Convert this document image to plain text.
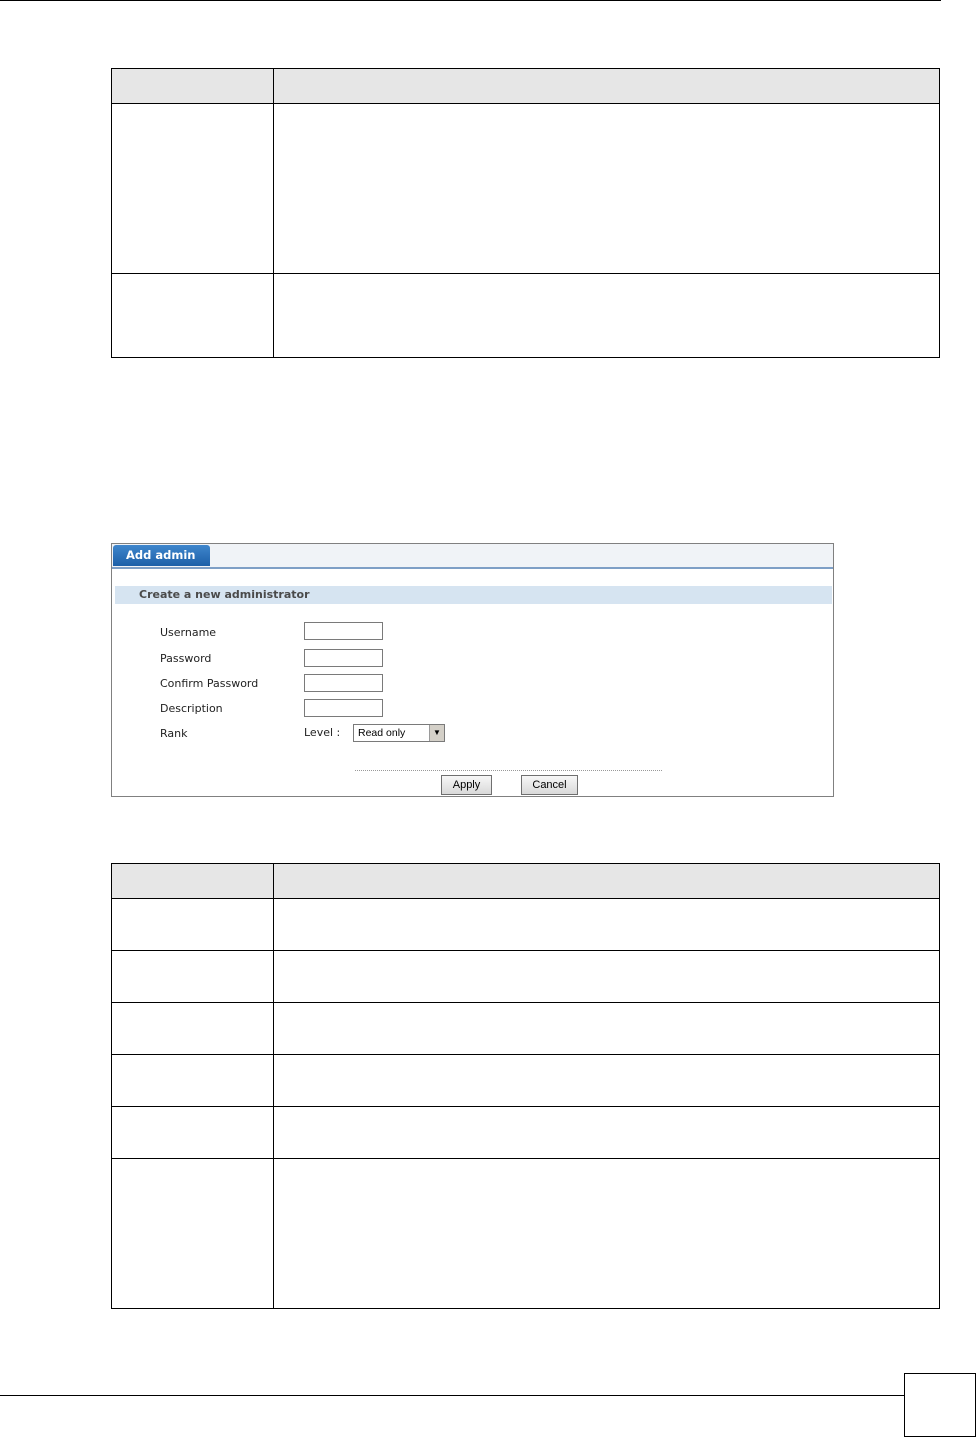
Add admin
Create a new administrator
Username
Password
Confirm Password
Description
Rank	Level :	Read only	▼
Apply	Cancel
